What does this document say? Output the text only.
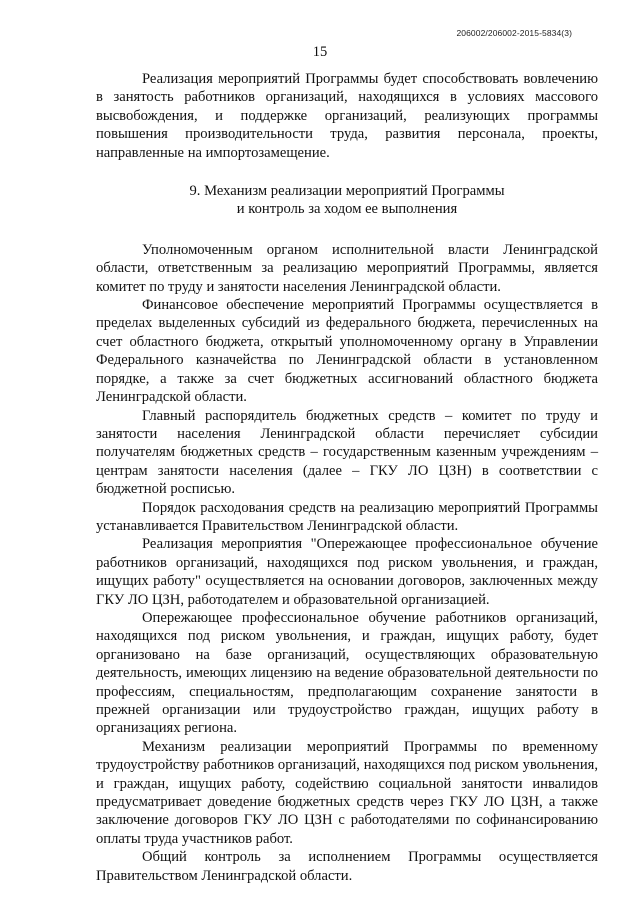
206002/206002-2015-5834(3)
15

Реализация мероприятий Программы будет способствовать вовлечению в занятость работников организаций, находящихся в условиях массового высвобождения, и поддержке организаций, реализующих программы повышения производительности труда, развития персонала, проекты, направленные на импортозамещение.

9. Механизм реализации мероприятий Программы
и контроль за ходом ее выполнения

Уполномоченным органом исполнительной власти Ленинградской области, ответственным за реализацию мероприятий Программы, является комитет по труду и занятости населения Ленинградской области.

Финансовое обеспечение мероприятий Программы осуществляется в пределах выделенных субсидий из федерального бюджета, перечисленных на счет областного бюджета, открытый уполномоченному органу в Управлении Федерального казначейства по Ленинградской области в установленном порядке, а также за счет бюджетных ассигнований областного бюджета Ленинградской области.

Главный распорядитель бюджетных средств – комитет по труду и занятости населения Ленинградской области перечисляет субсидии получателям бюджетных средств – государственным казенным учреждениям – центрам занятости населения (далее – ГКУ ЛО ЦЗН) в соответствии с бюджетной росписью.

Порядок расходования средств на реализацию мероприятий Программы устанавливается Правительством Ленинградской области.

Реализация мероприятия "Опережающее профессиональное обучение работников организаций, находящихся под риском увольнения, и граждан, ищущих работу" осуществляется на основании договоров, заключенных между ГКУ ЛО ЦЗН, работодателем и образовательной организацией.

Опережающее профессиональное обучение работников организаций, находящихся под риском увольнения, и граждан, ищущих работу, будет организовано на базе организаций, осуществляющих образовательную деятельность, имеющих лицензию на ведение образовательной деятельности по профессиям, специальностям, предполагающим сохранение занятости в прежней организации или трудоустройство граждан, ищущих работу в организациях региона.

Механизм реализации мероприятий Программы по временному трудоустройству работников организаций, находящихся под риском увольнения, и граждан, ищущих работу, содействию социальной занятости инвалидов предусматривает доведение бюджетных средств через ГКУ ЛО ЦЗН, а также заключение договоров ГКУ ЛО ЦЗН с работодателями по софинансированию оплаты труда участников работ.

Общий контроль за исполнением Программы осуществляется Правительством Ленинградской области.
